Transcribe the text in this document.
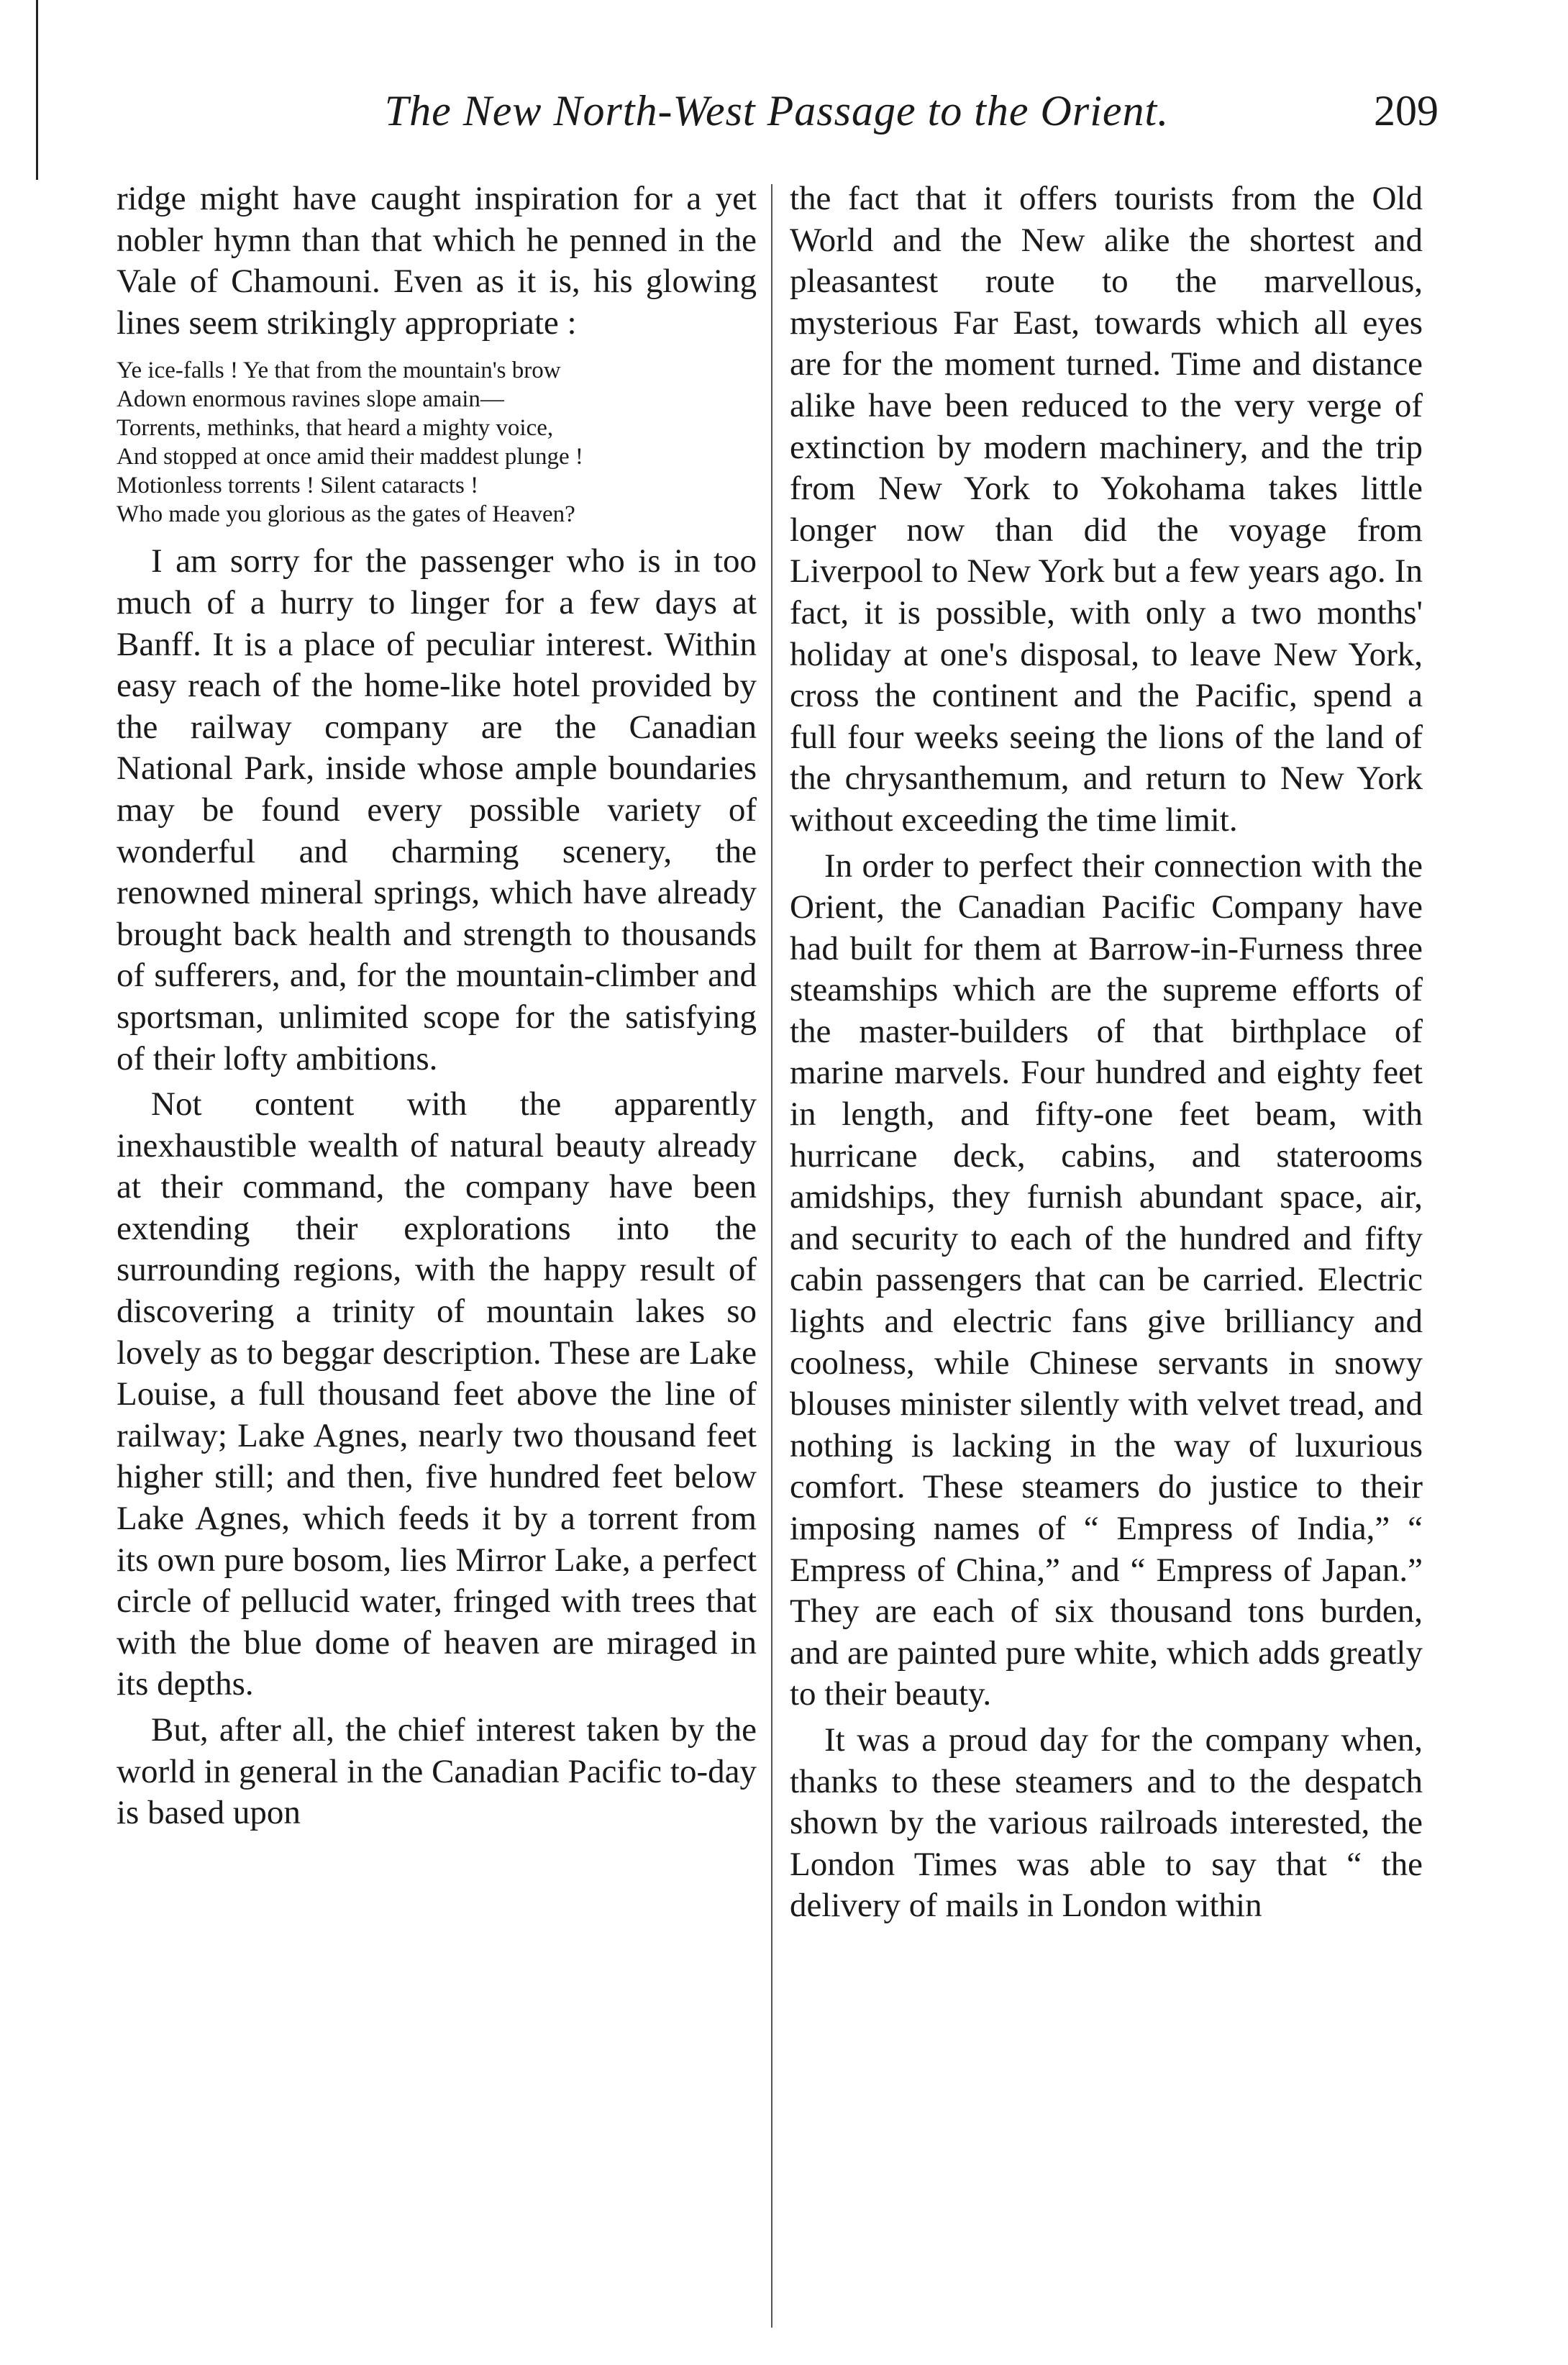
The New North-West Passage to the Orient.	209

ridge might have caught inspiration for a yet nobler hymn than that which he penned in the Vale of Chamouni. Even as it is, his glowing lines seem strikingly appropriate :

Ye ice-falls ! Ye that from the mountain's brow
Adown enormous ravines slope amain—
Torrents, methinks, that heard a mighty voice,
And stopped at once amid their maddest plunge !
Motionless torrents ! Silent cataracts !
Who made you glorious as the gates of Heaven?

I am sorry for the passenger who is in too much of a hurry to linger for a few days at Banff. It is a place of peculiar interest. Within easy reach of the home-like hotel provided by the railway company are the Canadian National Park, inside whose ample boundaries may be found every possible variety of wonderful and charming scenery, the renowned mineral springs, which have already brought back health and strength to thousands of sufferers, and, for the mountain-climber and sportsman, unlimited scope for the satisfying of their lofty ambitions.

Not content with the apparently inexhaustible wealth of natural beauty already at their command, the company have been extending their explorations into the surrounding regions, with the happy result of discovering a trinity of mountain lakes so lovely as to beggar description. These are Lake Louise, a full thousand feet above the line of railway; Lake Agnes, nearly two thousand feet higher still; and then, five hundred feet below Lake Agnes, which feeds it by a torrent from its own pure bosom, lies Mirror Lake, a perfect circle of pellucid water, fringed with trees that with the blue dome of heaven are miraged in its depths.

But, after all, the chief interest taken by the world in general in the Canadian Pacific to-day is based upon

the fact that it offers tourists from the Old World and the New alike the shortest and pleasantest route to the marvellous, mysterious Far East, towards which all eyes are for the moment turned. Time and distance alike have been reduced to the very verge of extinction by modern machinery, and the trip from New York to Yokohama takes little longer now than did the voyage from Liverpool to New York but a few years ago. In fact, it is possible, with only a two months' holiday at one's disposal, to leave New York, cross the continent and the Pacific, spend a full four weeks seeing the lions of the land of the chrysanthemum, and return to New York without exceeding the time limit.

In order to perfect their connection with the Orient, the Canadian Pacific Company have had built for them at Barrow-in-Furness three steamships which are the supreme efforts of the master-builders of that birthplace of marine marvels. Four hundred and eighty feet in length, and fifty-one feet beam, with hurricane deck, cabins, and staterooms amidships, they furnish abundant space, air, and security to each of the hundred and fifty cabin passengers that can be carried. Electric lights and electric fans give brilliancy and coolness, while Chinese servants in snowy blouses minister silently with velvet tread, and nothing is lacking in the way of luxurious comfort. These steamers do justice to their imposing names of “ Empress of India,” “ Empress of China,” and “ Empress of Japan.” They are each of six thousand tons burden, and are painted pure white, which adds greatly to their beauty.

It was a proud day for the company when, thanks to these steamers and to the despatch shown by the various railroads interested, the London Times was able to say that “ the delivery of mails in London within
